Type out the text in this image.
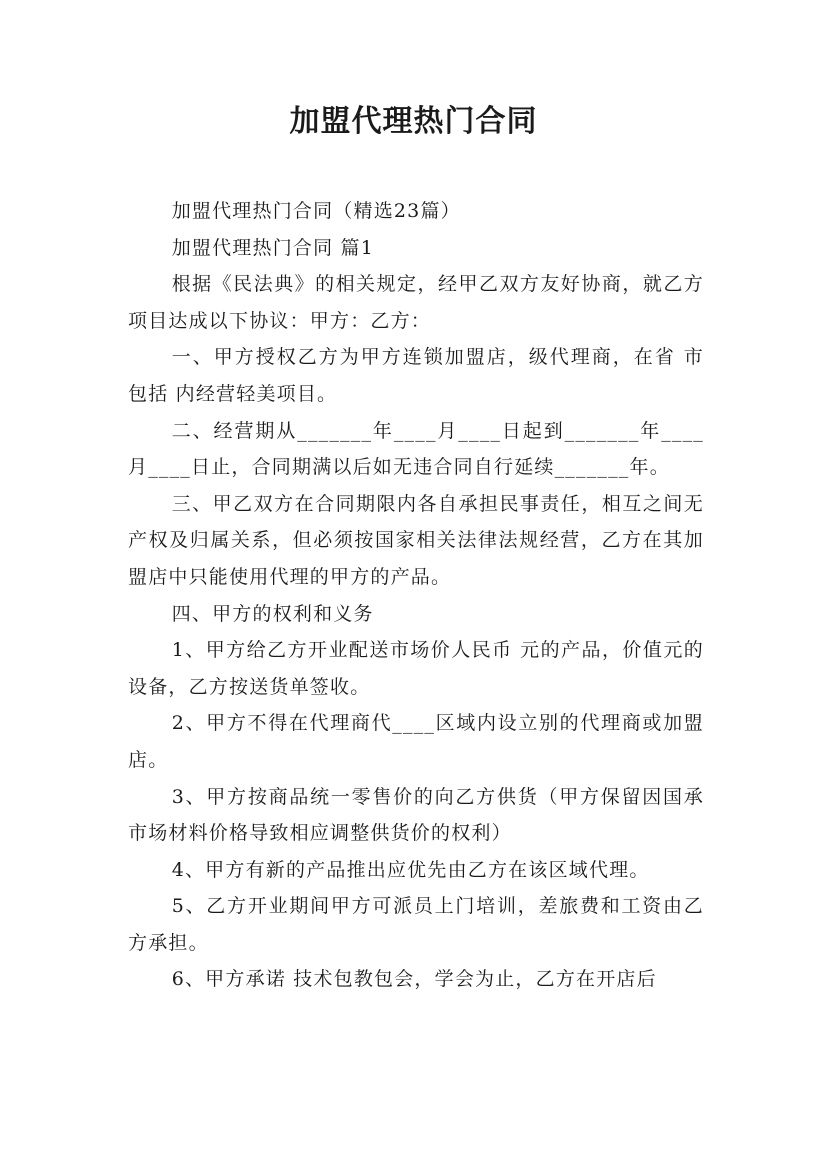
加盟代理热门合同

加盟代理热门合同（精选23篇）

加盟代理热门合同 篇1

根据《民法典》的相关规定，经甲乙双方友好协商，就乙方 项目达成以下协议：甲方：乙方：

一、甲方授权乙方为甲方连锁加盟店，级代理商，在省 市包括 内经营轻美项目。

二、经营期从_______年____月____日起到_______年____月____日止，合同期满以后如无违合同自行延续_______年。

三、甲乙双方在合同期限内各自承担民事责任，相互之间无产权及归属关系，但必须按国家相关法律法规经营，乙方在其加盟店中只能使用代理的甲方的产品。

四、甲方的权利和义务

1、甲方给乙方开业配送市场价人民币 元的产品，价值元的设备，乙方按送货单签收。

2、甲方不得在代理商代____区域内设立别的代理商或加盟店。

3、甲方按商品统一零售价的向乙方供货（甲方保留因国承市场材料价格导致相应调整供货价的权利）

4、甲方有新的产品推出应优先由乙方在该区域代理。

5、乙方开业期间甲方可派员上门培训，差旅费和工资由乙方承担。

6、甲方承诺 技术包教包会，学会为止，乙方在开店后
